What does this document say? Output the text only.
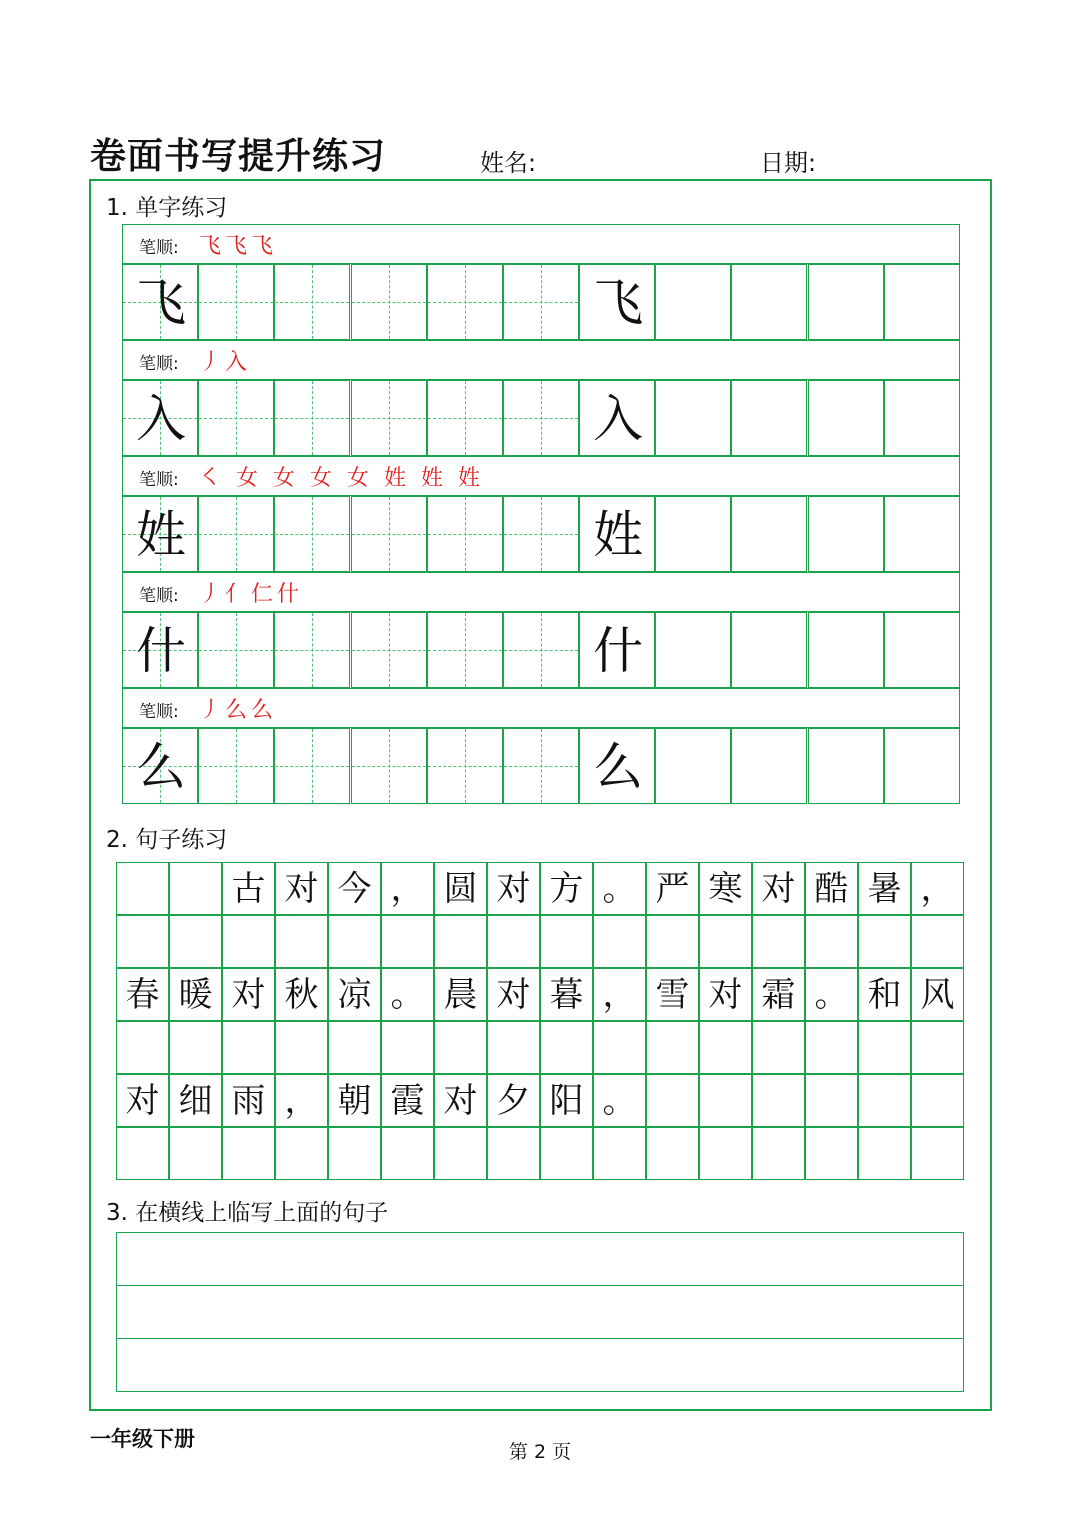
卷面书写提升练习	姓名:	日期:
1. 单字练习
笔顺: 飞飞飞
飞	飞
笔顺: 丿入
入	入
笔顺: ㇛ 女 女 女 女 姓 姓 姓
姓	姓
笔顺: 丿亻仁什
什	什
笔顺: 丿么么
么	么
2. 句子练习
古 对 今 ， 圆 对 方 。 严 寒 对 酷 暑 ，
春 暖 对 秋 凉 。 晨 对 暮 ， 雪 对 霜 。 和 风
对 细 雨 ， 朝 霞 对 夕 阳 。
3. 在横线上临写上面的句子
一年级下册
第 2 页
